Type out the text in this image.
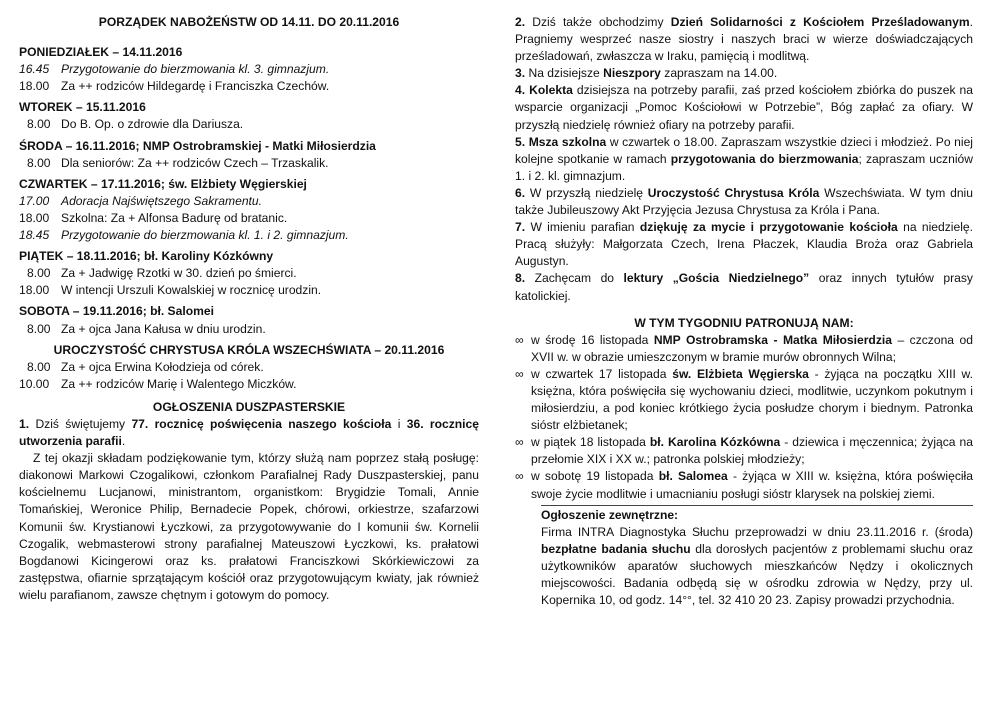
PORZĄDEK NABOŻEŃSTW OD 14.11. DO 20.11.2016

PONIEDZIAŁEK – 14.11.2016

16.45 Przygotowanie do bierzmowania kl. 3. gimnazjum.
18.00 Za ++ rodziców Hildegardę i Franciszka Czechów.

WTOREK – 15.11.2016

8.00 Do B. Op. o zdrowie dla Dariusza.

ŚRODA – 16.11.2016; NMP Ostrobramskiej - Matki Miłosierdzia

8.00 Dla seniorów: Za ++ rodziców Czech – Trzaskalik.

CZWARTEK – 17.11.2016; św. Elżbiety Węgierskiej

17.00 Adoracja Najświętszego Sakramentu.
18.00 Szkolna: Za + Alfonsa Badurę od bratanic.
18.45 Przygotowanie do bierzmowania kl. 1. i 2. gimnazjum.

PIĄTEK – 18.11.2016; bł. Karoliny Kózkówny

8.00 Za + Jadwigę Rzotki w 30. dzień po śmierci.
18.00 W intencji Urszuli Kowalskiej w rocznicę urodzin.

SOBOTA – 19.11.2016; bł. Salomei

8.00 Za + ojca Jana Kałusa w dniu urodzin.

UROCZYSTOŚĆ CHRYSTUSA KRÓLA WSZECHŚWIATA – 20.11.2016

8.00 Za + ojca Erwina Kołodzieja od córek.
10.00 Za ++ rodziców Marię i Walentego Miczków.

OGŁOSZENIA DUSZPASTERSKIE

1. Dziś świętujemy 77. rocznicę poświęcenia naszego kościoła i 36. rocznicę utworzenia parafii.

Z tej okazji składam podziękowanie tym, którzy służą nam poprzez stałą posługę: diakonowi Markowi Czogalikowi, członkom Parafialnej Rady Duszpasterskiej, panu kościelnemu Lucjanowi, ministrantom, organistkom: Brygidzie Tomali, Annie Tomańskiej, Weronice Philip, Bernadecie Popek, chórowi, orkiestrze, szafarzowi Komunii św. Krystianowi Łyczkowi, za przygotowywanie do I komunii św. Kornelii Czogalik, webmasterowi strony parafialnej Mateuszowi Łyczkowi, ks. prałatowi Bogdanowi Kicingerowi oraz ks. prałatowi Franciszkowi Skórkiewiczowi za zastępstwa, ofiarnie sprzątającym kościół oraz przygotowującym kwiaty, jak również wielu parafianom, zawsze chętnym i gotowym do pomocy.

2. Dziś także obchodzimy Dzień Solidarności z Kościołem Prześladowanym. Pragniemy wesprzeć nasze siostry i naszych braci w wierze doświadczających prześladowań, zwłaszcza w Iraku, pamięcią i modlitwą.

3. Na dzisiejsze Nieszpory zapraszam na 14.00.

4. Kolekta dzisiejsza na potrzeby parafii, zaś przed kościołem zbiórka do puszek na wsparcie organizacji „Pomoc Kościołowi w Potrzebie”, Bóg zapłać za ofiary. W przyszłą niedzielę również ofiary na potrzeby parafii.

5. Msza szkolna w czwartek o 18.00. Zapraszam wszystkie dzieci i młodzież. Po niej kolejne spotkanie w ramach przygotowania do bierzmowania; zapraszam uczniów 1. i 2. kl. gimnazjum.

6. W przyszłą niedzielę Uroczystość Chrystusa Króla Wszechświata. W tym dniu także Jubileuszowy Akt Przyjęcia Jezusa Chrystusa za Króla i Pana.

7. W imieniu parafian dziękuję za mycie i przygotowanie kościoła na niedzielę. Pracą służyły: Małgorzata Czech, Irena Płaczek, Klaudia Broża oraz Gabriela Augustyn.

8. Zachęcam do lektury „Gościa Niedzielnego” oraz innych tytułów prasy katolickiej.

W TYM TYGODNIU PATRONUJĄ NAM:

∞ w środę 16 listopada NMP Ostrobramska - Matka Miłosierdzia – czczona od XVII w. w obrazie umieszczonym w bramie murów obronnych Wilna;
∞ w czwartek 17 listopada św. Elżbieta Węgierska - żyjąca na początku XIII w. księżna, która poświęciła się wychowaniu dzieci, modlitwie, uczynkom pokutnym i miłosierdziu, a pod koniec krótkiego życia posłudze chorym i biednym. Patronka sióstr elżbietanek;
∞ w piątek 18 listopada bł. Karolina Kózkówna - dziewica i męczennica; żyjąca na przełomie XIX i XX w.; patronka polskiej młodzieży;
∞ w sobotę 19 listopada bł. Salomea - żyjąca w XIII w. księżna, która poświęciła swoje życie modlitwie i umacnianiu posługi sióstr klarysek na polskiej ziemi.

Ogłoszenie zewnętrzne:

Firma INTRA Diagnostyka Słuchu przeprowadzi w dniu 23.11.2016 r. (środa) bezpłatne badania słuchu dla dorosłych pacjentów z problemami słuchu oraz użytkowników aparatów słuchowych mieszkańców Nędzy i okolicznych miejscowości. Badania odbędą się w ośrodku zdrowia w Nędzy, przy ul. Kopernika 10, od godz. 14°°, tel. 32 410 20 23. Zapisy prowadzi przychodnia.
